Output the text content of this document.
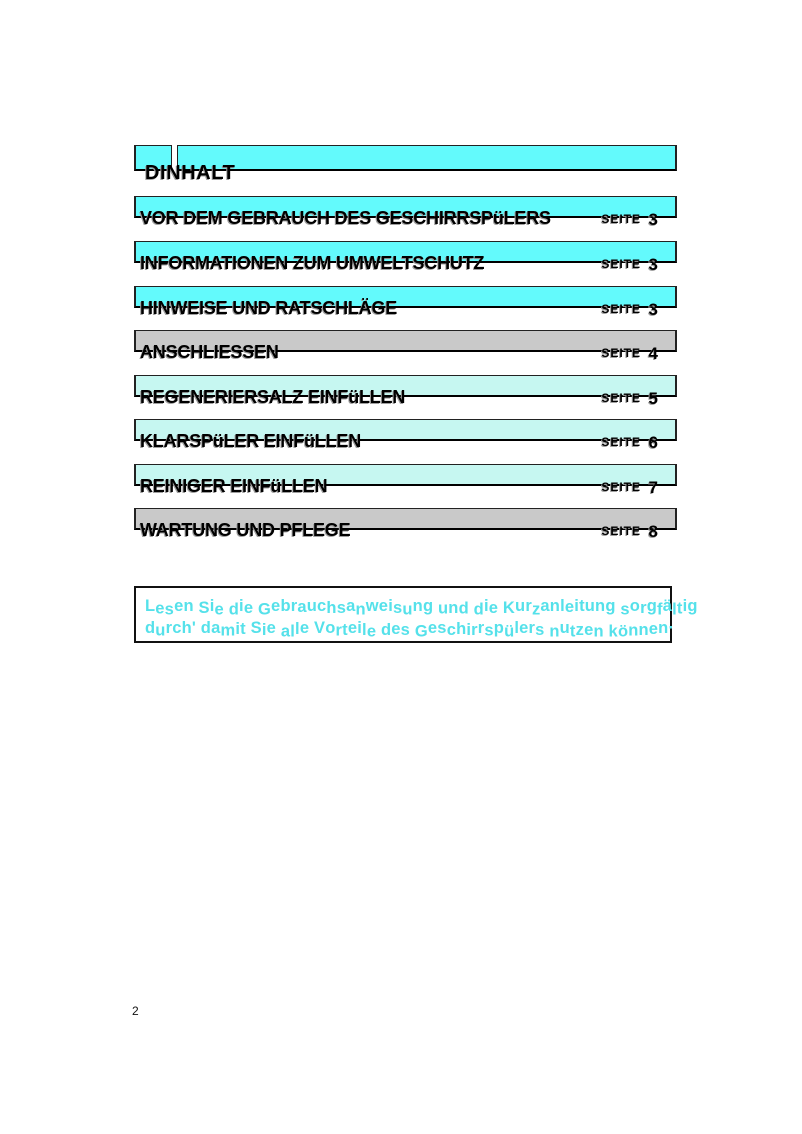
DINHALT
VOR DEM GEBRAUCH DES GESCHIRRSPüLERS	SEITE 3
INFORMATIONEN ZUM UMWELTSCHUTZ	SEITE 3
HINWEISE UND RATSCHLÄGE	SEITE 3
ANSCHLIESSEN	SEITE 4
REGENERIERSALZ EINFüLLEN	SEITE 5
KLARSPüLER EINFüLLEN	SEITE 6
REINIGER EINFüLLEN	SEITE 7
WARTUNG UND PFLEGE	SEITE 8
Lesen Sie die Gebrauchsanweisung und die Kurzanleitung sorgfältig
durch' damit Sie alle Vorteile des Geschirrspülers nutzen können·
2
